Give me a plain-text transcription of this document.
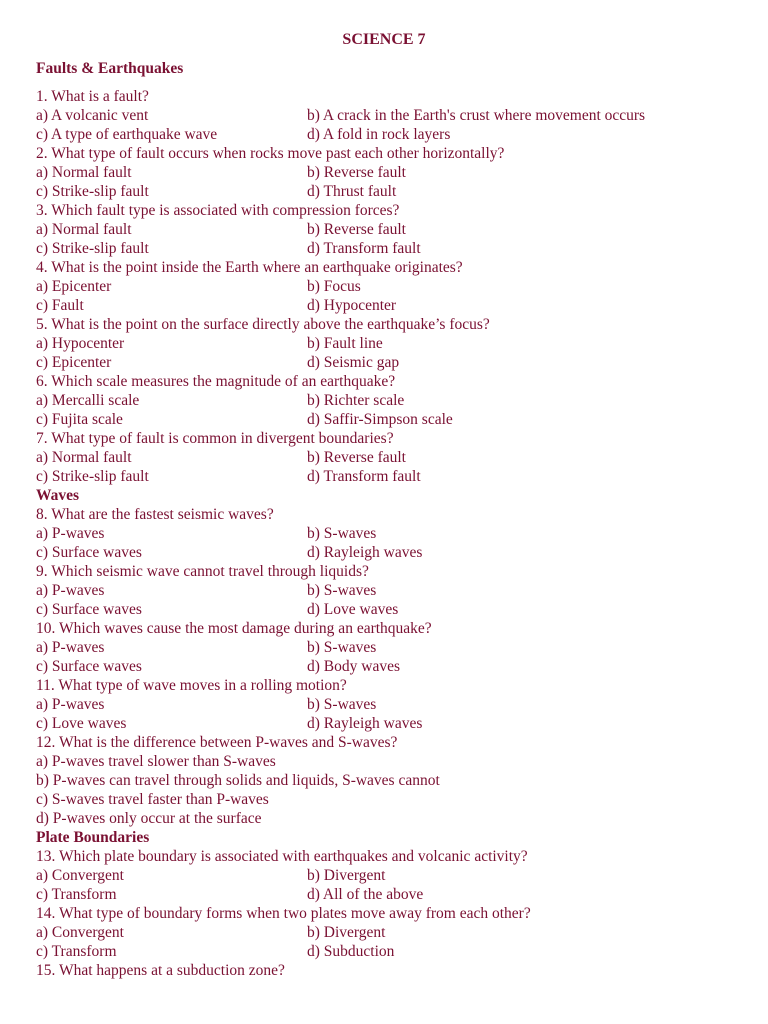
SCIENCE 7
Faults & Earthquakes
1. What is a fault?
a) A volcanic vent	b) A crack in the Earth's crust where movement occurs
c) A type of earthquake wave	d) A fold in rock layers
2. What type of fault occurs when rocks move past each other horizontally?
a) Normal fault	b) Reverse fault
c) Strike-slip fault	d) Thrust fault
3. Which fault type is associated with compression forces?
a) Normal fault	b) Reverse fault
c) Strike-slip fault	d) Transform fault
4. What is the point inside the Earth where an earthquake originates?
a) Epicenter	b) Focus
c) Fault	d) Hypocenter
5. What is the point on the surface directly above the earthquake’s focus?
a) Hypocenter	b) Fault line
c) Epicenter	d) Seismic gap
6. Which scale measures the magnitude of an earthquake?
a) Mercalli scale	b) Richter scale
c) Fujita scale	d) Saffir-Simpson scale
7. What type of fault is common in divergent boundaries?
a) Normal fault	b) Reverse fault
c) Strike-slip fault	d) Transform fault
Waves
8. What are the fastest seismic waves?
a) P-waves	b) S-waves
c) Surface waves	d) Rayleigh waves
9. Which seismic wave cannot travel through liquids?
a) P-waves	b) S-waves
c) Surface waves	d) Love waves
10. Which waves cause the most damage during an earthquake?
a) P-waves	b) S-waves
c) Surface waves	d) Body waves
11. What type of wave moves in a rolling motion?
a) P-waves	b) S-waves
c) Love waves	d) Rayleigh waves
12. What is the difference between P-waves and S-waves?
a) P-waves travel slower than S-waves
b) P-waves can travel through solids and liquids, S-waves cannot
c) S-waves travel faster than P-waves
d) P-waves only occur at the surface
Plate Boundaries
13. Which plate boundary is associated with earthquakes and volcanic activity?
a) Convergent	b) Divergent
c) Transform	d) All of the above
14. What type of boundary forms when two plates move away from each other?
a) Convergent	b) Divergent
c) Transform	d) Subduction
15. What happens at a subduction zone?
